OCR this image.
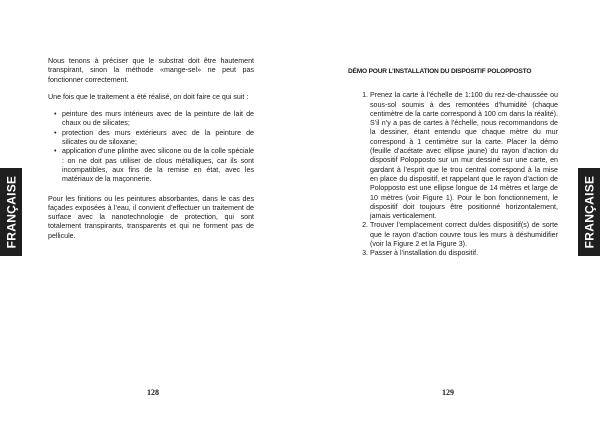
FRANÇAISE

Nous tenons à préciser que le substrat doit être hautement transpirant, sinon la méthode «mange-sel» ne peut pas fonctionner correctement.

Une fois que le traitement a été réalisé, on doit faire ce qui suit :

• peinture des murs intérieurs avec de la peinture de lait de chaux ou de silicates;
• protection des murs extérieurs avec de la peinture de silicates ou de siloxane;
• application d’une plinthe avec silicone ou de la colle spéciale : on ne doit pas utiliser de clous métalliques, car ils sont incompatibles, aux fins de la remise en état, avec les matériaux de la maçonnerie.

Pour les finitions ou les peintures absorbantes, dans le cas des façades exposées à l’eau, il convient d’effectuer un traitement de surface avec la nanotechnologie de protection, qui sont totalement transpirants, transparents et qui ne forment pas de pellicule.

128
FRANÇAISE
DÉMO POUR L’INSTALLATION DU DISPOSITIF POLOPPOSTO
1. Prenez la carte à l’échelle de 1:100 du rez-de-chaussée ou sous-sol soumis à des remontées d’humidité (chaque centimètre de la carte correspond à 100 cm dans la réalité). S’il n’y a pas de cartes à l’échelle, nous recommandons de la dessiner, étant entendu que chaque mètre du mur correspond à 1 centimètre sur la carte. Placer la démo (feuille d’acétate avec ellipse jaune) du rayon d’action du dispositif Polopposto sur un mur dessiné sur une carte, en gardant à l’esprit que le trou central correspond à la mise en place du dispositif, et rappelant que le rayon d’action de Polopposto est une ellipse longue de 14 mètres et large de 10 mètres (voir Figure 1). Pour le bon fonctionnement, le dispositif doit toujours être positionné horizontalement, jamais verticalement.
2. Trouver l’emplacement correct du/des dispositif(s) de sorte que le rayon d’action couvre tous les murs à déshumidifier (voir la Figure 2 et la Figure 3).
3. Passer à l’installation du dispositif.
129
